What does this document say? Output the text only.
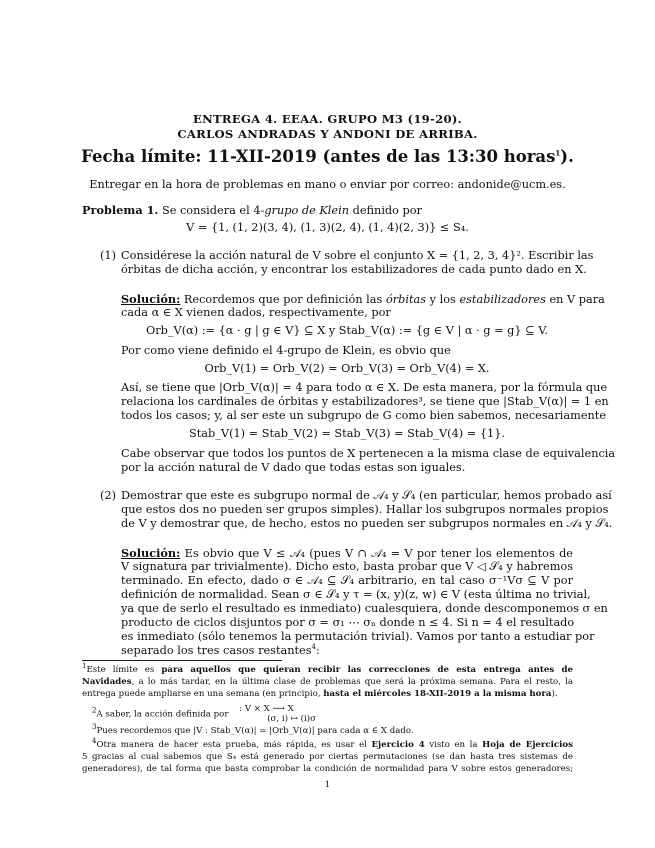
ENTREGA 4. EEAA. GRUPO M3 (19-20).
CARLOS ANDRADAS Y ANDONI DE ARRIBA.
Fecha límite: 11-XII-2019 (antes de las 13:30 horas$^1$).
Entregar en la hora de problemas en mano o enviar por correo: andonide@ucm.es.
Problema 1. Se considera el 4-grupo de Klein definido por
V = {1, (1, 2)(3, 4), (1, 3)(2, 4), (1, 4)(2, 3)} ≤ S₄.
(1) Considérese la acción natural de V sobre el conjunto X = {1, 2, 3, 4}². Escribir las
órbitas de dicha acción, y encontrar los estabilizadores de cada punto dado en X.
Solución: Recordemos que por definición las órbitas y los estabilizadores en V para
cada α ∈ X vienen dados, respectivamente, por
Orb_V(α) := {α · g | g ∈ V} ⊆ X y Stab_V(α) := {g ∈ V | α · g = g} ⊆ V.
Por como viene definido el 4-grupo de Klein, es obvio que
Orb_V(1) = Orb_V(2) = Orb_V(3) = Orb_V(4) = X.
Así, se tiene que |Orb_V(α)| = 4 para todo α ∈ X. De esta manera, por la fórmula que
relaciona los cardinales de órbitas y estabilizadores³, se tiene que |Stab_V(α)| = 1 en
todos los casos; y, al ser este un subgrupo de G como bien sabemos, necesariamente
Stab_V(1) = Stab_V(2) = Stab_V(3) = Stab_V(4) = {1}.
Cabe observar que todos los puntos de X pertenecen a la misma clase de equivalencia
por la acción natural de V dado que todas estas son iguales.
(2) Demostrar que este es subgrupo normal de 𝒜₄ y 𝒮₄ (en particular, hemos probado así
que estos dos no pueden ser grupos simples). Hallar los subgrupos normales propios
de V y demostrar que, de hecho, estos no pueden ser subgrupos normales en 𝒜₄ y 𝒮₄.
Solución: Es obvio que V ≤ 𝒜₄ (pues V ∩ 𝒜₄ = V por tener los elementos de
V signatura par trivialmente). Dicho esto, basta probar que V ◁ 𝒮₄ y habremos
terminado. En efecto, dado σ ∈ 𝒜₄ ⊆ 𝒮₄ arbitrario, en tal caso σ⁻¹Vσ ⊆ V por
definición de normalidad. Sean σ ∈ 𝒮₄ y τ = (x, y)(z, w) ∈ V (esta última no trivial,
ya que de serlo el resultado es inmediato) cualesquiera, donde descomponemos σ en
producto de ciclos disjuntos por σ = σ₁ ⋯ σₙ donde n ≤ 4. Si n = 4 el resultado
es inmediato (sólo tenemos la permutación trivial). Vamos por tanto a estudiar por
separado los tres casos restantes$^4$:
$^1$Este límite es para aquellos que quieran recibir las correcciones de esta entrega antes de
Navidades, a lo más tardar, en la última clase de problemas que será la próxima semana. Para el resto, la
entrega puede ampliarse en una semana (en principio, hasta el miércoles 18-XII-2019 a la misma hora).
$^2$A saber, la acción definida por : V × X ⟶ X
(σ, i) ↦ (i)σ
$^3$Pues recordemos que |V : Stab_V(α)| = |Orb_V(α)| para cada α ∈ X dado.
$^4$Otra manera de hacer esta prueba, más rápida, es usar el Ejercicio 4 visto en la Hoja de Ejercicios
5 gracias al cual sabemos que S₄ está generado por ciertas permutaciones (se dan hasta tres sistemas de
generadores), de tal forma que basta comprobar la condición de normalidad para V sobre estos generadores;
1
